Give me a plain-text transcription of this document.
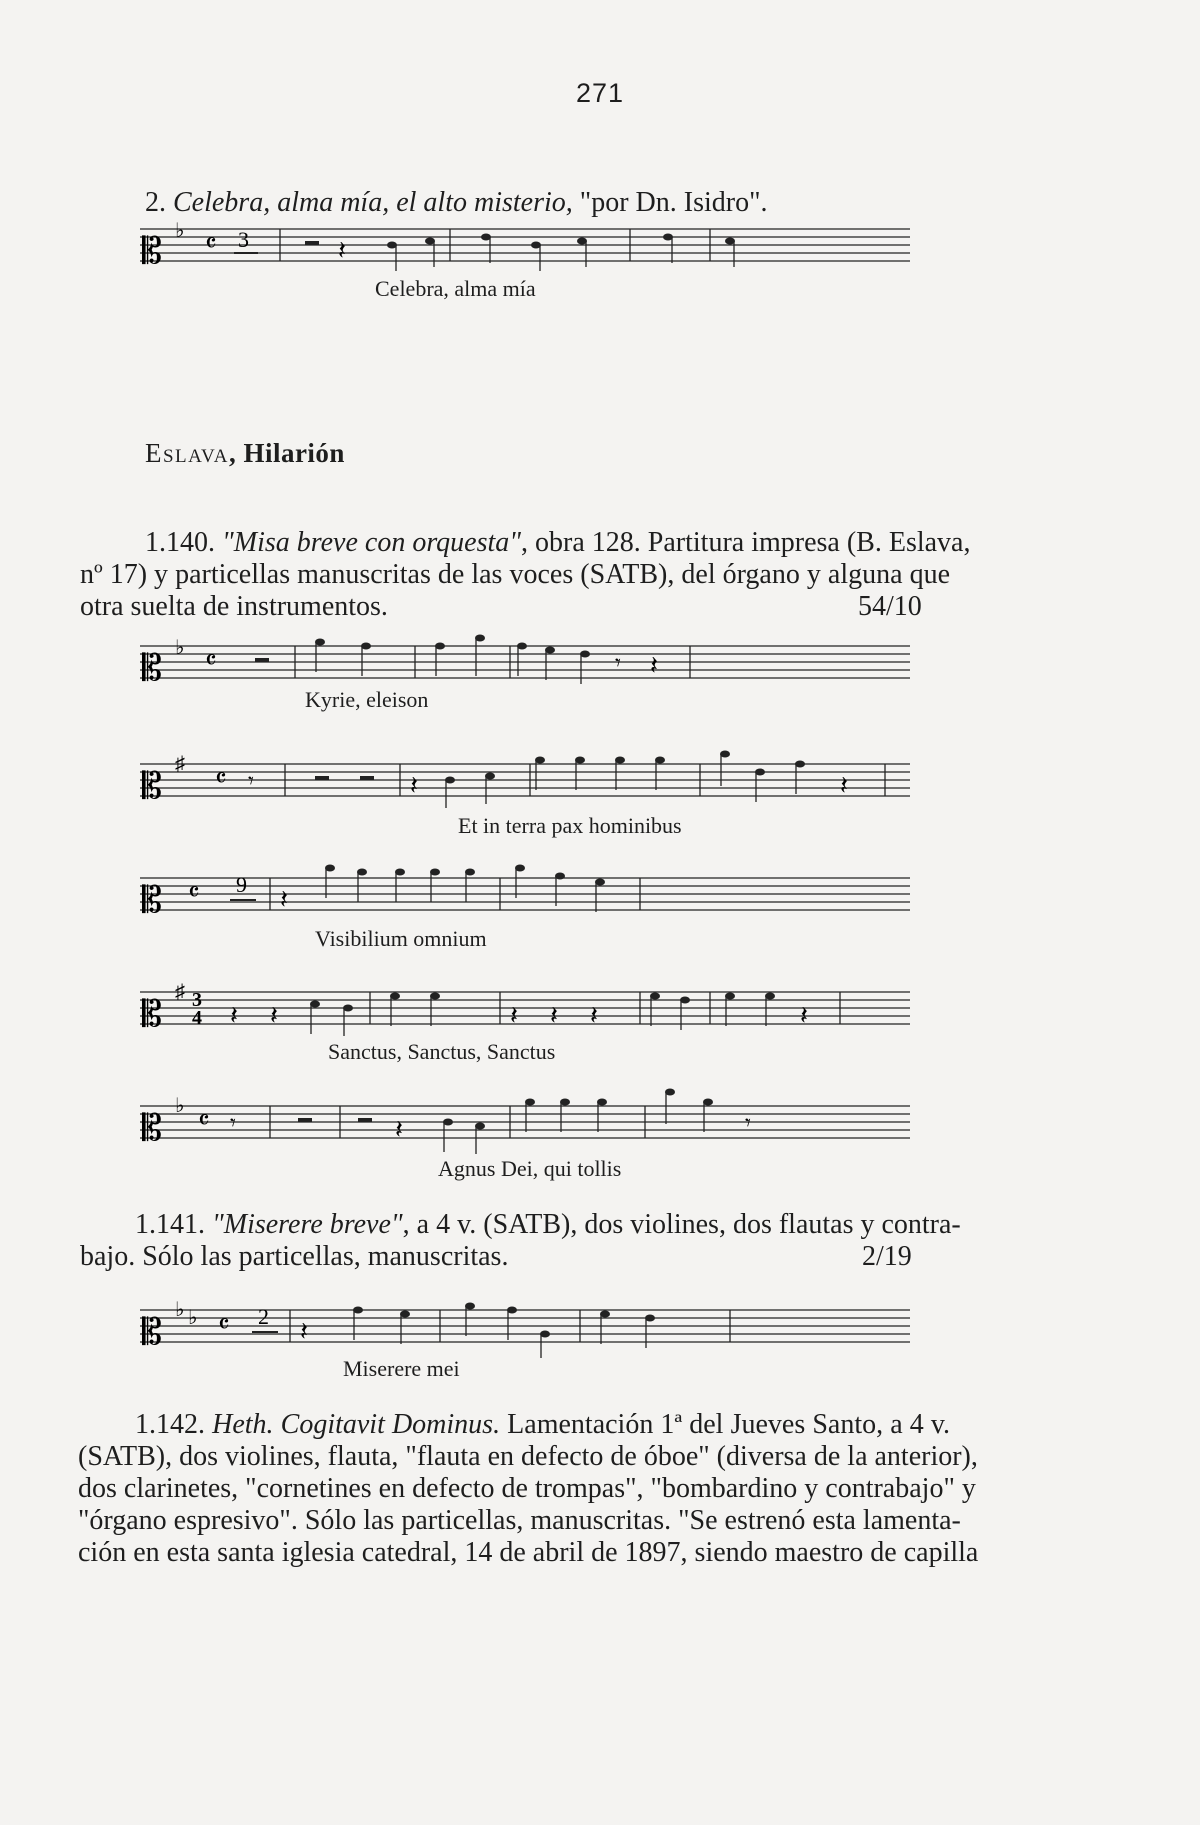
271
2. Celebra, alma mía, el alto misterio, "por Dn. Isidro".
𝄡 ♭ 𝄴 3	𝄽
Celebra, alma mía
Eslava, Hilarión
1.140. "Misa breve con orquesta", obra 128. Partitura impresa (B. Eslava,
nº 17) y particellas manuscritas de las voces (SATB), del órgano y alguna que
otra suelta de instrumentos.	54/10
𝄡 ♭ 𝄴	𝄾 𝄽
Kyrie, eleison
𝄡
♯ 𝄴 𝄾	𝄽	𝄽
Et in terra pax hominibus
𝄡 𝄴 9
𝄽
Visibilium omnium
𝄡
♯ 3
4 𝄽 𝄽	𝄽 𝄽 𝄽	𝄽
Sanctus, Sanctus, Sanctus
𝄡
♭ 𝄴 𝄾	𝄽	𝄾
Agnus Dei, qui tollis
1.141. "Miserere breve", a 4 v. (SATB), dos violines, dos flautas y contra-
bajo. Sólo las particellas, manuscritas.	2/19
𝄡
♭ ♭ 𝄴 2
𝄽
Miserere mei
1.142. Heth. Cogitavit Dominus. Lamentación 1ª del Jueves Santo, a 4 v.
(SATB), dos violines, flauta, "flauta en defecto de óboe" (diversa de la anterior),
dos clarinetes, "cornetines en defecto de trompas", "bombardino y contrabajo" y
"órgano espresivo". Sólo las particellas, manuscritas. "Se estrenó esta lamenta-
ción en esta santa iglesia catedral, 14 de abril de 1897, siendo maestro de capilla
